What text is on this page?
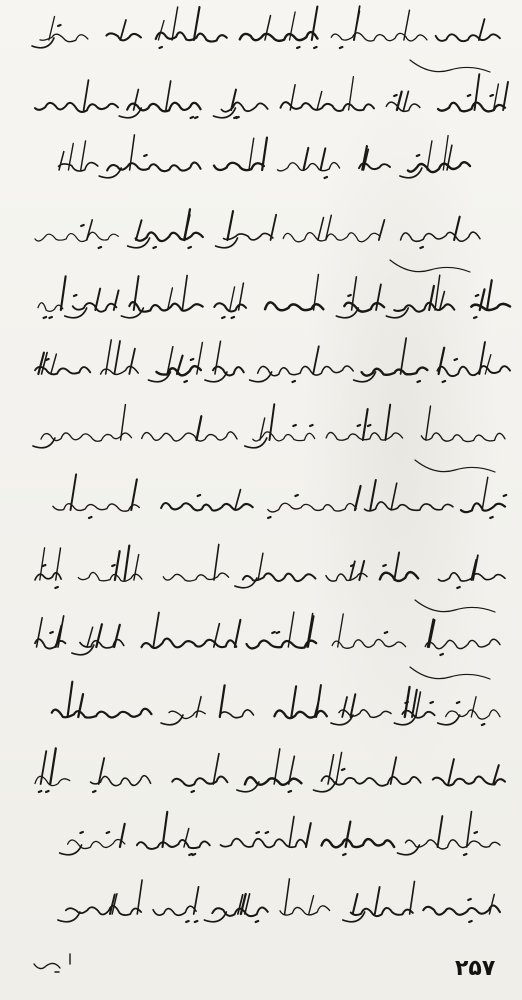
۲۵۷
